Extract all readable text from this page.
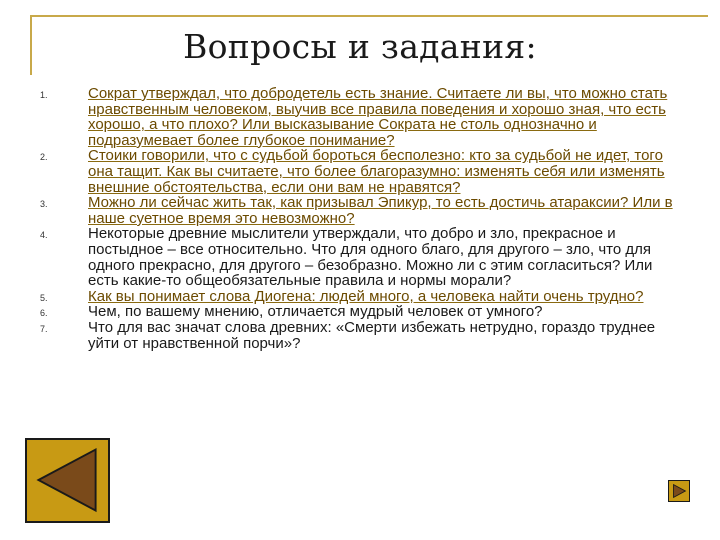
Вопросы и задания:
1.	Сократ утверждал, что добродетель есть знание. Считаете ли вы, что можно стать нравственным человеком, выучив все правила поведения и хорошо зная, что есть хорошо, а что плохо? Или высказывание Сократа не столь однозначно и подразумевает более глубокое понимание?
2.	Стоики говорили, что с судьбой бороться бесполезно: кто за судьбой не идет, того она тащит. Как вы считаете, что более благоразумно: изменять себя или изменять внешние обстоятельства, если они вам не нравятся?
3.	Можно ли сейчас жить так, как призывал Эпикур, то есть достичь атараксии? Или в наше суетное время это невозможно?
4.	Некоторые древние мыслители утверждали, что добро и зло, прекрасное и постыдное – все относительно. Что для одного благо, для другого – зло, что для одного прекрасно, для другого – безобразно. Можно ли с этим согласиться? Или есть какие-то общеобязательные правила и нормы морали?
5.	Как вы понимает слова Диогена: людей много, а человека найти очень трудно?
6.	Чем, по вашему мнению, отличается мудрый человек от умного?
7.	Что для вас значат слова древних: «Смерти избежать нетрудно, гораздо труднее уйти от нравственной порчи»?
